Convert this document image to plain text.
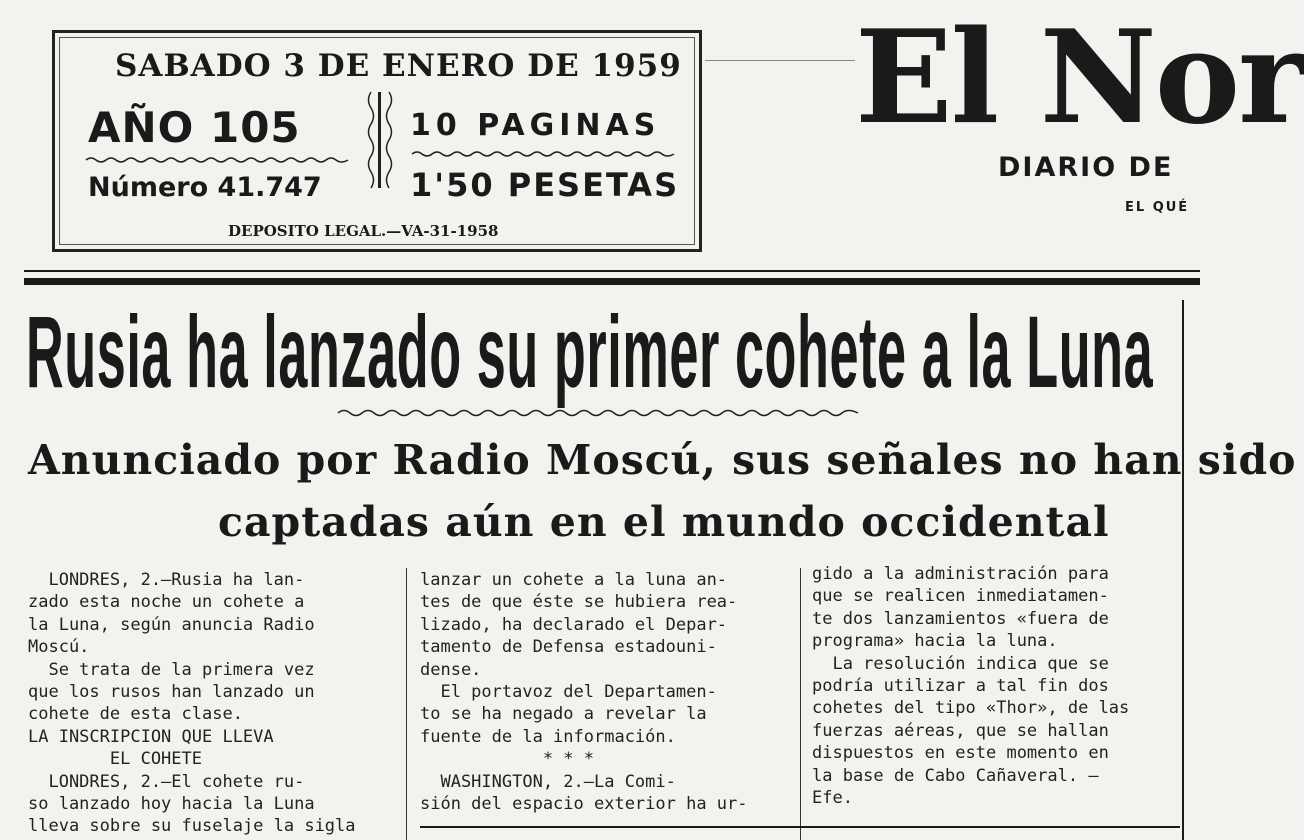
SABADO 3 DE ENERO DE 1959
AÑO 105
Número 41.747
10 PAGINAS
1'50 PESETAS
DEPOSITO LEGAL.—VA-31-1958
El Nor
DIARIO DE
EL QUÉ
Rusia ha lanzado su primer cohete a la Luna
Anunciado por Radio Moscú, sus señales no han sido
captadas aún en el mundo occidental
LONDRES, 2.—Rusia ha lan-
zado esta noche un cohete a
la Luna, según anuncia Radio
Moscú.
Se trata de la primera vez
que los rusos han lanzado un
cohete de esta clase.
LA INSCRIPCION QUE LLEVA
EL COHETE
LONDRES, 2.—El cohete ru-
so lanzado hoy hacia la Luna
lleva sobre su fuselaje la sigla
lanzar un cohete a la luna an-
tes de que éste se hubiera rea-
lizado, ha declarado el Depar-
tamento de Defensa estadouni-
dense.
El portavoz del Departamen-
to se ha negado a revelar la
fuente de la información.
* * *
WASHINGTON, 2.—La Comi-
sión del espacio exterior ha ur-
gido a la administración para
que se realicen inmediatamen-
te dos lanzamientos «fuera de
programa» hacia la luna.
La resolución indica que se
podría utilizar a tal fin dos
cohetes del tipo «Thor», de las
fuerzas aéreas, que se hallan
dispuestos en este momento en
la base de Cabo Cañaveral. —
Efe.
